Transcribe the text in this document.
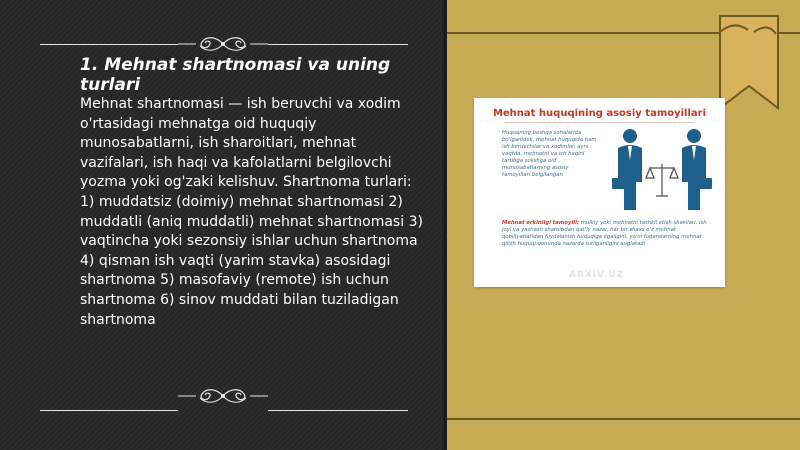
1. Mehnat shartnomasi va uning turlari
Mehnat shartnomasi — ish beruvchi va xodim o'rtasidagi mehnatga oid huquqiy munosabatlarni, ish sharoitlari, mehnat vazifalari, ish haqi va kafolatlarni belgilovchi yozma yoki og'zaki kelishuv. Shartnoma turlari: 1) muddatsiz (doimiy) mehnat shartnomasi 2) muddatli (aniq muddatli) mehnat shartnomasi 3) vaqtincha yoki sezonsiy ishlar uchun shartnoma 4) qisman ish vaqti (yarim stavka) asosidagi shartnoma 5) masofaviy (remote) ish uchun shartnoma 6) sinov muddati bilan tuziladigan shartnoma
Mehnat huquqining asosiy tamoyillari
Huquqning boshqa sohalarida bo'lganidek, mehnat huquqida ham ish beruvchilar va xodimlar, ayni vaqtda, mehnatni va ish haqini tartibga solishga oid munosabatlarning asosiy tamoyillari belgilangan
Mehnat erkinligi tamoyili: mulkiy yoki mehnatni tashkil etish shakllari, ish joyi va yashash sharoitidan qat'iy nazar, har bir shaxs o'z mehnat qobiliyatlaridan foydalanish huquqiga egaligini, ya'ni fuqarolarning mehnat qilish huquqi qonunda nazarda tutilganligini anglatadi
ARXIV.UZ
